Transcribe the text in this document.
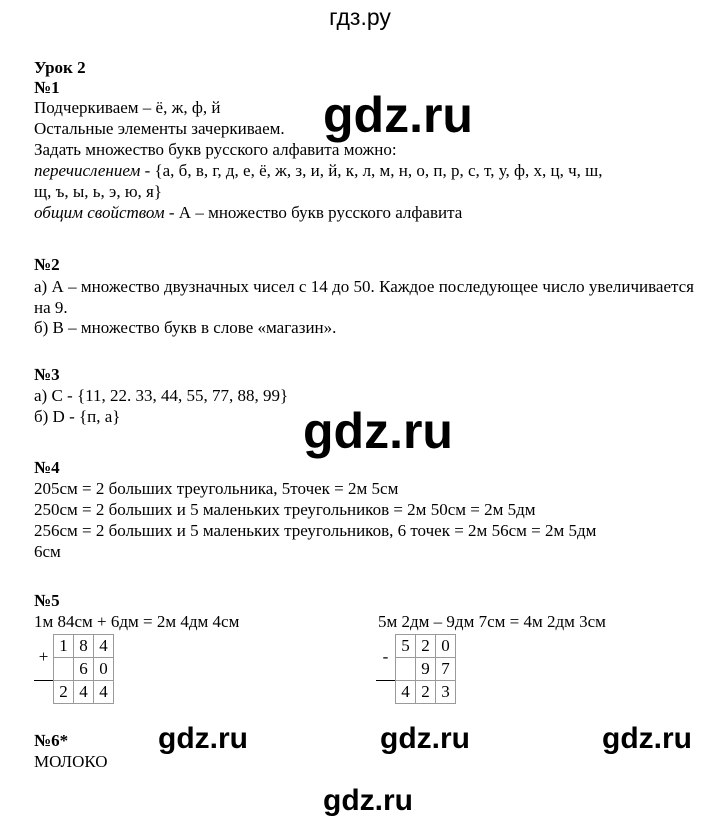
гдз.ру
gdz.ru
gdz.ru
gdz.ru	gdz.ru	gdz.ru
gdz.ru
Урок 2
№1
Подчеркиваем – ё, ж, ф, й
Остальные элементы зачеркиваем.
Задать множество букв русского алфавита можно:
перечислением - {а, б, в, г, д, е, ё, ж, з, и, й, к, л, м, н, о, п, р, с, т, у, ф, х, ц, ч, ш,
щ, ъ, ы, ь, э, ю, я}
общим свойством - А – множество букв русского алфавита
№2
а) А – множество двузначных чисел с 14 до 50. Каждое последующее число увеличивается на 9.
б) В – множество букв в слове «магазин».
№3
а) С - {11, 22. 33, 44, 55, 77, 88, 99}
б) D - {п, а}
№4
205см = 2 больших треугольника, 5точек = 2м 5см
250см = 2 больших и 5 маленьких треугольников = 2м 50см = 2м 5дм
256см = 2 больших и 5 маленьких треугольников, 6 точек = 2м 56см = 2м 5дм
6см
№5
1м 84см + 6дм = 2м 4дм 4см	5м 2дм – 9дм 7см = 4м 2дм 3см
+	1	8	4
		6	0
	2	4	4
-	5	2	0
		9	7
	4	2	3
№6*
МОЛОКО
